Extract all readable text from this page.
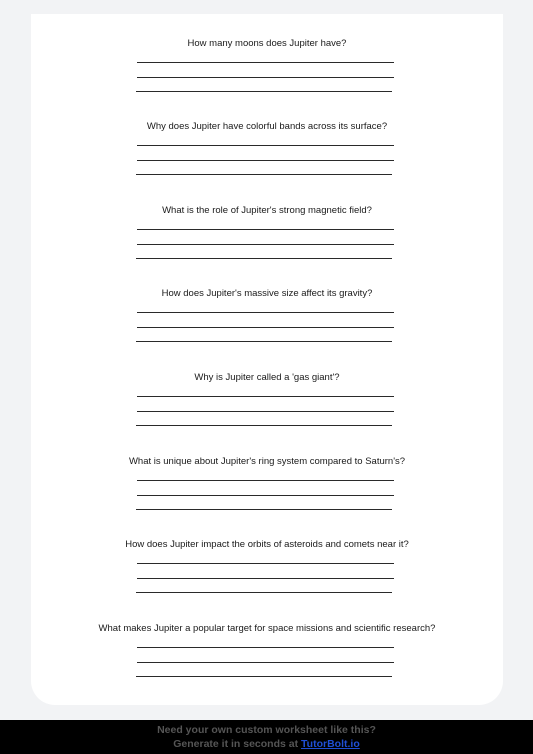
How many moons does Jupiter have?
Why does Jupiter have colorful bands across its surface?
What is the role of Jupiter's strong magnetic field?
How does Jupiter's massive size affect its gravity?
Why is Jupiter called a 'gas giant'?
What is unique about Jupiter's ring system compared to Saturn's?
How does Jupiter impact the orbits of asteroids and comets near it?
What makes Jupiter a popular target for space missions and scientific research?
Need your own custom worksheet like this?
Generate it in seconds at TutorBolt.io
